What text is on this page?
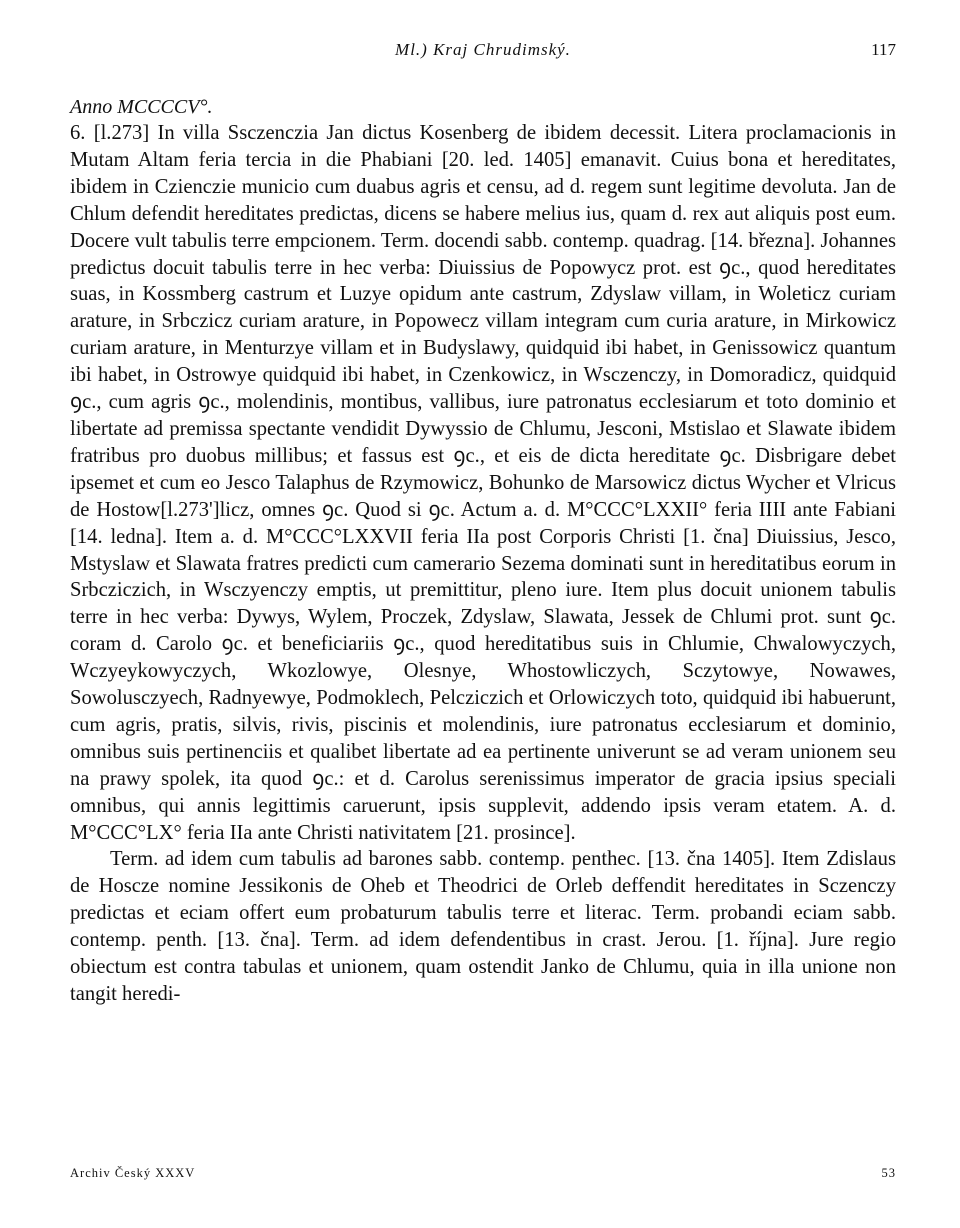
Ml.) Kraj Chrudimský.	117
Anno MCCCCV°.

6. [l.273] In villa Ssczenczia Jan dictus Kosenberg de ibidem decessit. Litera proclamacionis in Mutam Altam feria tercia in die Phabiani [20. led. 1405] emanavit. Cuius bona et hereditates, ibidem in Czienczie municio cum duabus agris et censu, ad d. regem sunt legitime devoluta. Jan de Chlum defendit hereditates predictas, dicens se habere melius ius, quam d. rex aut aliquis post eum. Docere vult tabulis terre empcionem. Term. docendi sabb. contemp. quadrag. [14. března]. Johannes predictus docuit tabulis terre in hec verba: Diuissius de Popowycz prot. est ꝯc., quod hereditates suas, in Kossmberg castrum et Luzye opidum ante castrum, Zdyslaw villam, in Woleticz curiam arature, in Srbczicz curiam arature, in Popowecz villam integram cum curia arature, in Mirkowicz curiam arature, in Menturzye villam et in Budyslawy, quidquid ibi habet, in Genissowicz quantum ibi habet, in Ostrowye quidquid ibi habet, in Czenkowicz, in Wsczenczy, in Domoradicz, quidquid ꝯc., cum agris ꝯc., molendinis, montibus, vallibus, iure patronatus ecclesiarum et toto dominio et libertate ad premissa spectante vendidit Dywyssio de Chlumu, Jesconi, Mstislao et Slawate ibidem fratribus pro duobus millibus; et fassus est ꝯc., et eis de dicta hereditate ꝯc. Disbrigare debet ipsemet et cum eo Jesco Talaphus de Rzymowicz, Bohunko de Marsowicz dictus Wycher et Vlricus de Hostow[l.273']licz, omnes ꝯc. Quod si ꝯc. Actum a. d. M°CCC°LXXII° feria IIII ante Fabiani [14. ledna]. Item a. d. M°CCC°LXXVII feria IIa post Corporis Christi [1. čna] Diuissius, Jesco, Mstyslaw et Slawata fratres predicti cum camerario Sezema dominati sunt in hereditatibus eorum in Srbcziczich, in Wsczyenczy emptis, ut premittitur, pleno iure. Item plus docuit unionem tabulis terre in hec verba: Dywys, Wylem, Proczek, Zdyslaw, Slawata, Jessek de Chlumi prot. sunt ꝯc. coram d. Carolo ꝯc. et beneficiariis ꝯc., quod hereditatibus suis in Chlumie, Chwalowyczych, Wczyeykowyczych, Wkozlowye, Olesnye, Whostowliczych, Sczytowye, Nowawes, Sowolusczyech, Radnyewye, Podmoklech, Pelcziczich et Orlowiczych toto, quidquid ibi habuerunt, cum agris, pratis, silvis, rivis, piscinis et molendinis, iure patronatus ecclesiarum et dominio, omnibus suis pertinenciis et qualibet libertate ad ea pertinente univerunt se ad veram unionem seu na prawy spolek, ita quod ꝯc.: et d. Carolus serenissimus imperator de gracia ipsius speciali omnibus, qui annis legittimis caruerunt, ipsis supplevit, addendo ipsis veram etatem. A. d. M°CCC°LX° feria IIa ante Christi nativitatem [21. prosince].

Term. ad idem cum tabulis ad barones sabb. contemp. penthec. [13. čna 1405]. Item Zdislaus de Hoscze nomine Jessikonis de Oheb et Theodrici de Orleb deffendit hereditates in Sczenczy predictas et eciam offert eum probaturum tabulis terre et literac. Term. probandi eciam sabb. contemp. penth. [13. čna]. Term. ad idem defendentibus in crast. Jerou. [1. října]. Jure regio obiectum est contra tabulas et unionem, quam ostendit Janko de Chlumu, quia in illa unione non tangit heredi-

Archiv Český XXXV	53
